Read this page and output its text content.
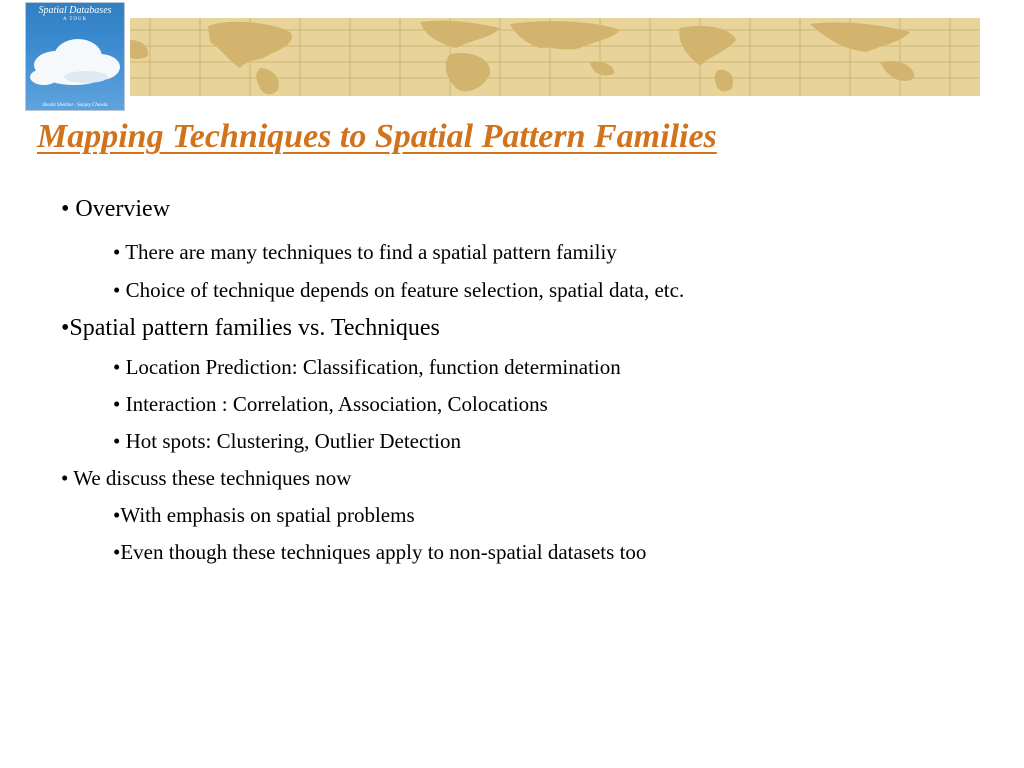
Spatial Databases
A TOUR
Shashi Shekhar · Sanjay Chawla
Mapping Techniques to Spatial Pattern Families
• Overview
• There are many techniques to find a spatial pattern familiy
• Choice of technique depends on feature selection, spatial data, etc.
•Spatial pattern families vs. Techniques
• Location Prediction: Classification, function determination
• Interaction : Correlation, Association, Colocations
• Hot spots: Clustering, Outlier Detection
• We discuss these techniques now
•With emphasis on spatial problems
•Even though these techniques apply to non-spatial datasets too
